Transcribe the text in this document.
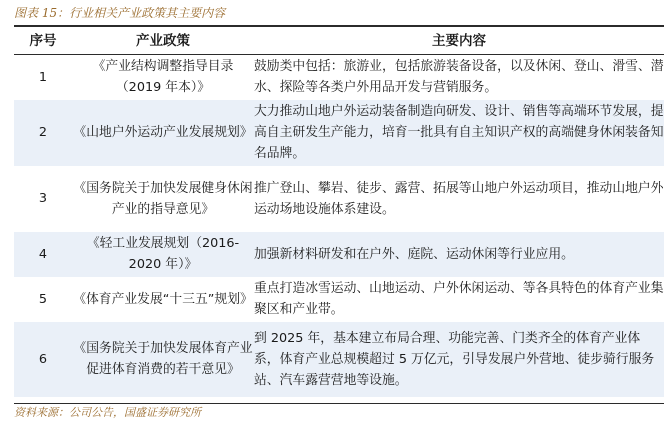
图表 15：行业相关产业政策其主要内容
序号	产业政策	主要内容
1	《产业结构调整指导目录（2019 年本）》	鼓励类中包括：旅游业，包括旅游装备设备，以及休闲、登山、滑雪、潜水、探险等各类户外用品开发与营销服务。
2	《山地户外运动产业发展规划》	大力推动山地户外运动装备制造向研发、设计、销售等高端环节发展，提高自主研发生产能力，培育一批具有自主知识产权的高端健身休闲装备知名品牌。
3	《国务院关于加快发展健身休闲产业的指导意见》	推广登山、攀岩、徒步、露营、拓展等山地户外运动项目，推动山地户外运动场地设施体系建设。
4	《轻工业发展规划（2016-2020 年）》	加强新材料研发和在户外、庭院、运动休闲等行业应用。
5	《体育产业发展“十三五”规划》	重点打造冰雪运动、山地运动、户外休闲运动、等各具特色的体育产业集聚区和产业带。
6	《国务院关于加快发展体育产业促进体育消费的若干意见》	到 2025 年，基本建立布局合理、功能完善、门类齐全的体育产业体系，体育产业总规模超过 5 万亿元，引导发展户外营地、徒步骑行服务站、汽车露营营地等设施。
资料来源：公司公告，国盛证券研究所
